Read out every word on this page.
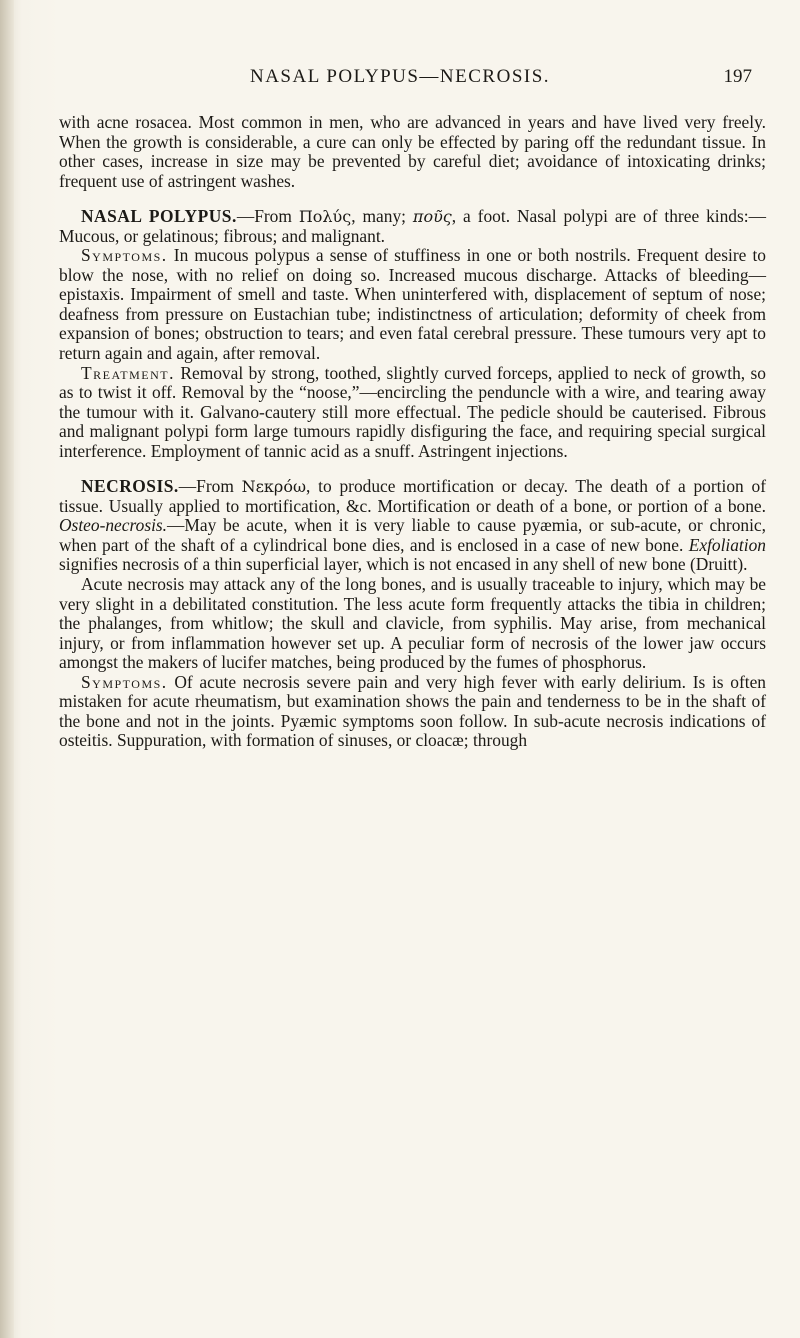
NASAL POLYPUS—NECROSIS.	197

with acne rosacea. Most common in men, who are advanced in years and have lived very freely. When the growth is considerable, a cure can only be effected by paring off the redundant tissue. In other cases, increase in size may be prevented by careful diet; avoidance of intoxicating drinks; frequent use of astringent washes.

NASAL POLYPUS.—From Πολύς, many; ποῦς, a foot. Nasal polypi are of three kinds:—Mucous, or gelatinous; fibrous; and malignant.

Symptoms. In mucous polypus a sense of stuffiness in one or both nostrils. Frequent desire to blow the nose, with no relief on doing so. Increased mucous discharge. Attacks of bleeding—epistaxis. Impairment of smell and taste. When uninterfered with, displacement of septum of nose; deafness from pressure on Eustachian tube; indistinctness of articulation; deformity of cheek from expansion of bones; obstruction to tears; and even fatal cerebral pressure. These tumours very apt to return again and again, after removal.

Treatment. Removal by strong, toothed, slightly curved forceps, applied to neck of growth, so as to twist it off. Removal by the “noose,”—encircling the penduncle with a wire, and tearing away the tumour with it. Galvano-cautery still more effectual. The pedicle should be cauterised. Fibrous and malignant polypi form large tumours rapidly disfiguring the face, and requiring special surgical interference. Employment of tannic acid as a snuff. Astringent injections.

NECROSIS.—From Νεκρόω, to produce mortification or decay. The death of a portion of tissue. Usually applied to mortification, &c. Mortification or death of a bone, or portion of a bone. Osteo-necrosis.—May be acute, when it is very liable to cause pyæmia, or sub-acute, or chronic, when part of the shaft of a cylindrical bone dies, and is enclosed in a case of new bone. Exfoliation signifies necrosis of a thin superficial layer, which is not encased in any shell of new bone (Druitt).

Acute necrosis may attack any of the long bones, and is usually traceable to injury, which may be very slight in a debilitated constitution. The less acute form frequently attacks the tibia in children; the phalanges, from whitlow; the skull and clavicle, from syphilis. May arise, from mechanical injury, or from inflammation however set up. A peculiar form of necrosis of the lower jaw occurs amongst the makers of lucifer matches, being produced by the fumes of phosphorus.

Symptoms. Of acute necrosis severe pain and very high fever with early delirium. Is is often mistaken for acute rheumatism, but examination shows the pain and tenderness to be in the shaft of the bone and not in the joints. Pyæmic symptoms soon follow. In sub-acute necrosis indications of osteitis. Suppuration, with formation of sinuses, or cloacæ; through
